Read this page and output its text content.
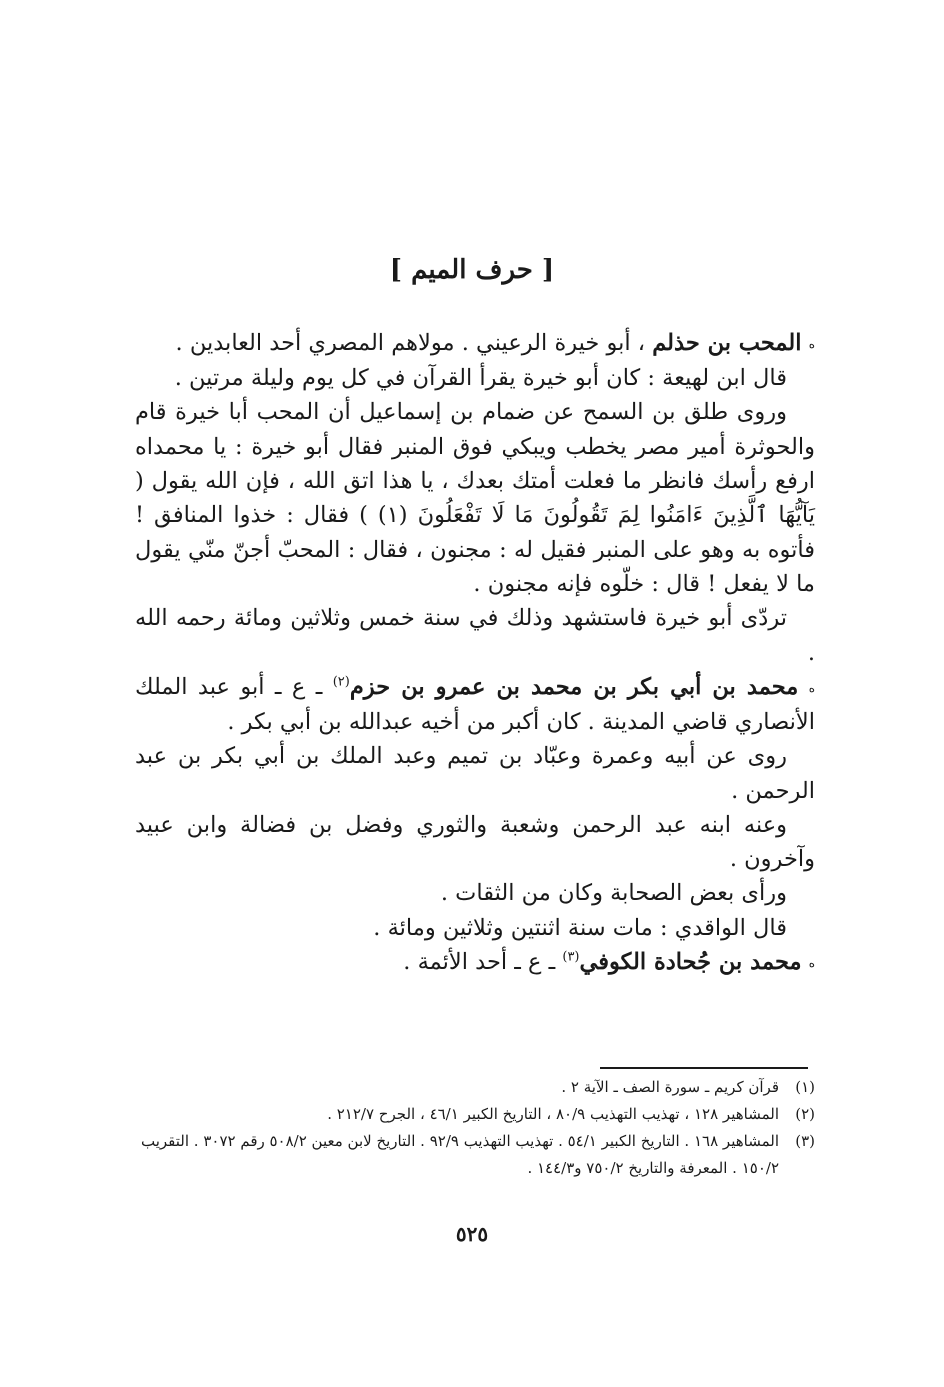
[ حرف الميم ]

ه المحب بن حذلم ، أبو خيرة الرعيني . مولاهم المصري أحد العابدين .

قال ابن لهيعة : كان أبو خيرة يقرأ القرآن في كل يوم وليلة مرتين .

وروى طلق بن السمح عن ضمام بن إسماعيل أن المحب أبا خيرة قام والحوثرة أمير مصر يخطب ويبكي فوق المنبر فقال أبو خيرة : يا محمداه ارفع رأسك فانظر ما فعلت أمتك بعدك ، يا هذا اتق الله ، فإن الله يقول ( يَآيُّهَا ٱلَّذِينَ ءَامَنُوا لِمَ تَقُولُونَ مَا لَا تَفْعَلُونَ (١) ) فقال : خذوا المنافق ! فأتوه به وهو على المنبر فقيل له : مجنون ، فقال : المحبّ أجنّ منّي يقول ما لا يفعل ! قال : خلّوه فإنه مجنون .

تردّى أبو خيرة فاستشهد وذلك في سنة خمس وثلاثين ومائة رحمه الله .

ه محمد بن أبي بكر بن محمد بن عمرو بن حزم$^{(٢)}$ ـ ع ـ أبو عبد الملك الأنصاري قاضي المدينة . كان أكبر من أخيه عبدالله بن أبي بكر .

روى عن أبيه وعمرة وعبّاد بن تميم وعبد الملك بن أبي بكر بن عبد الرحمن .

وعنه ابنه عبد الرحمن وشعبة والثوري وفضل بن فضالة وابن عبيد وآخرون .

ورأى بعض الصحابة وكان من الثقات .

قال الواقدي : مات سنة اثنتين وثلاثين ومائة .

ه محمد بن جُحادة الكوفي$^{(٣)}$ ـ ع ـ أحد الأئمة .

(١)
قرآن كريم ـ سورة الصف ـ الآية ٢ .
(٢)
المشاهير ١٢٨ ، تهذيب التهذيب ٨٠/٩ ، التاريخ الكبير ٤٦/١ ، الجرح ٢١٢/٧ .
(٣)
المشاهير ١٦٨ . التاريخ الكبير ٥٤/١ . تهذيب التهذيب ٩٢/٩ . التاريخ لابن معين ٥٠٨/٢ رقم ٣٠٧٢ . التقريب ١٥٠/٢ . المعرفة والتاريخ ٧٥٠/٢ و١٤٤/٣ .
٥٢٥
